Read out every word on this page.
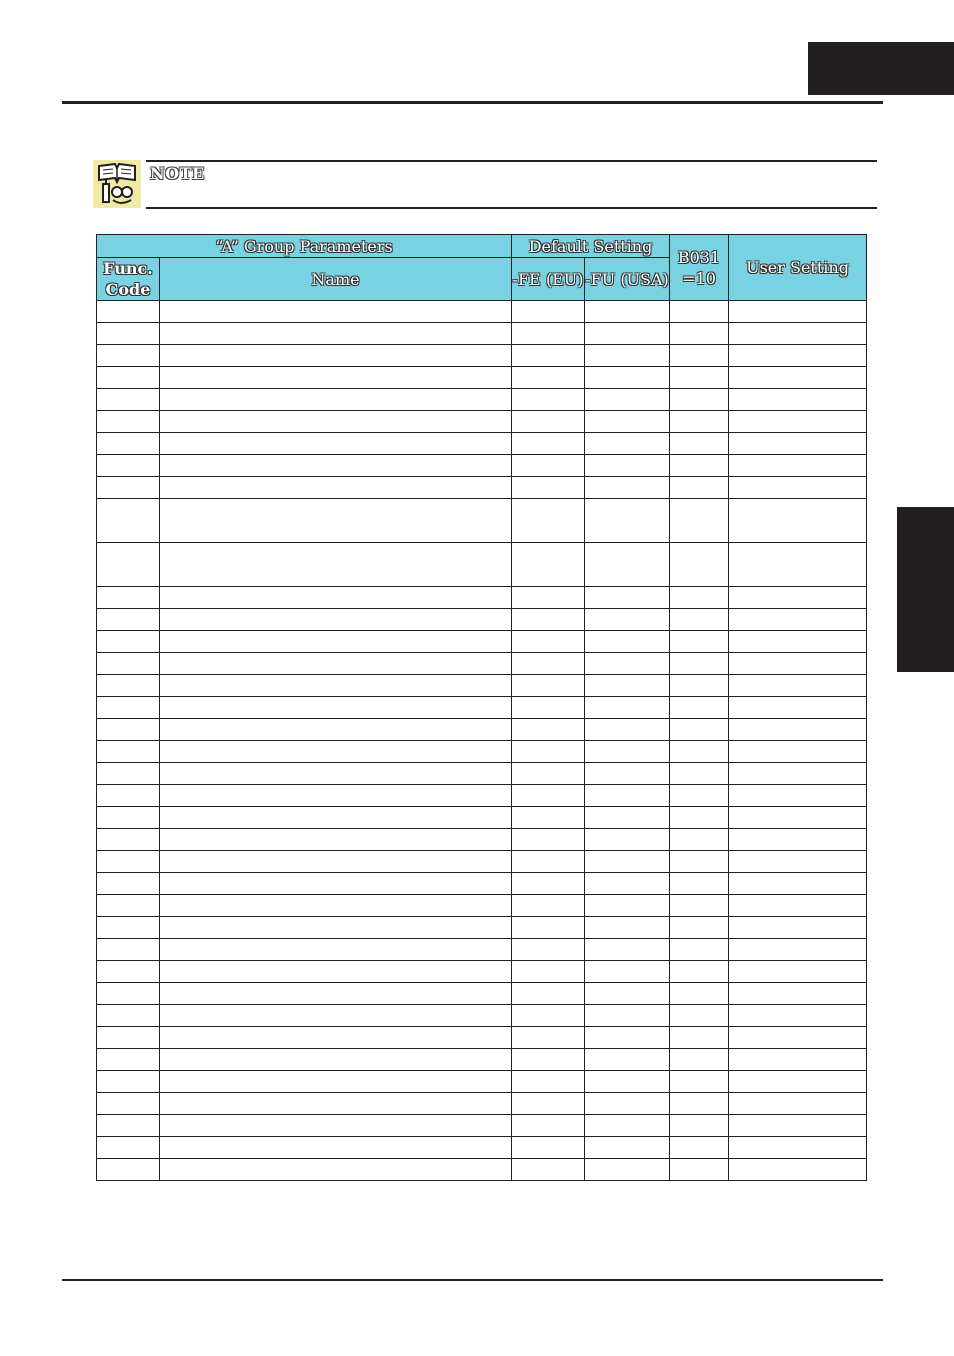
NOTE
“A” Group Parameters		Default Setting		B031 =10	User Setting
Func. Code	Name	-FE (EU)	-FU (USA)		
